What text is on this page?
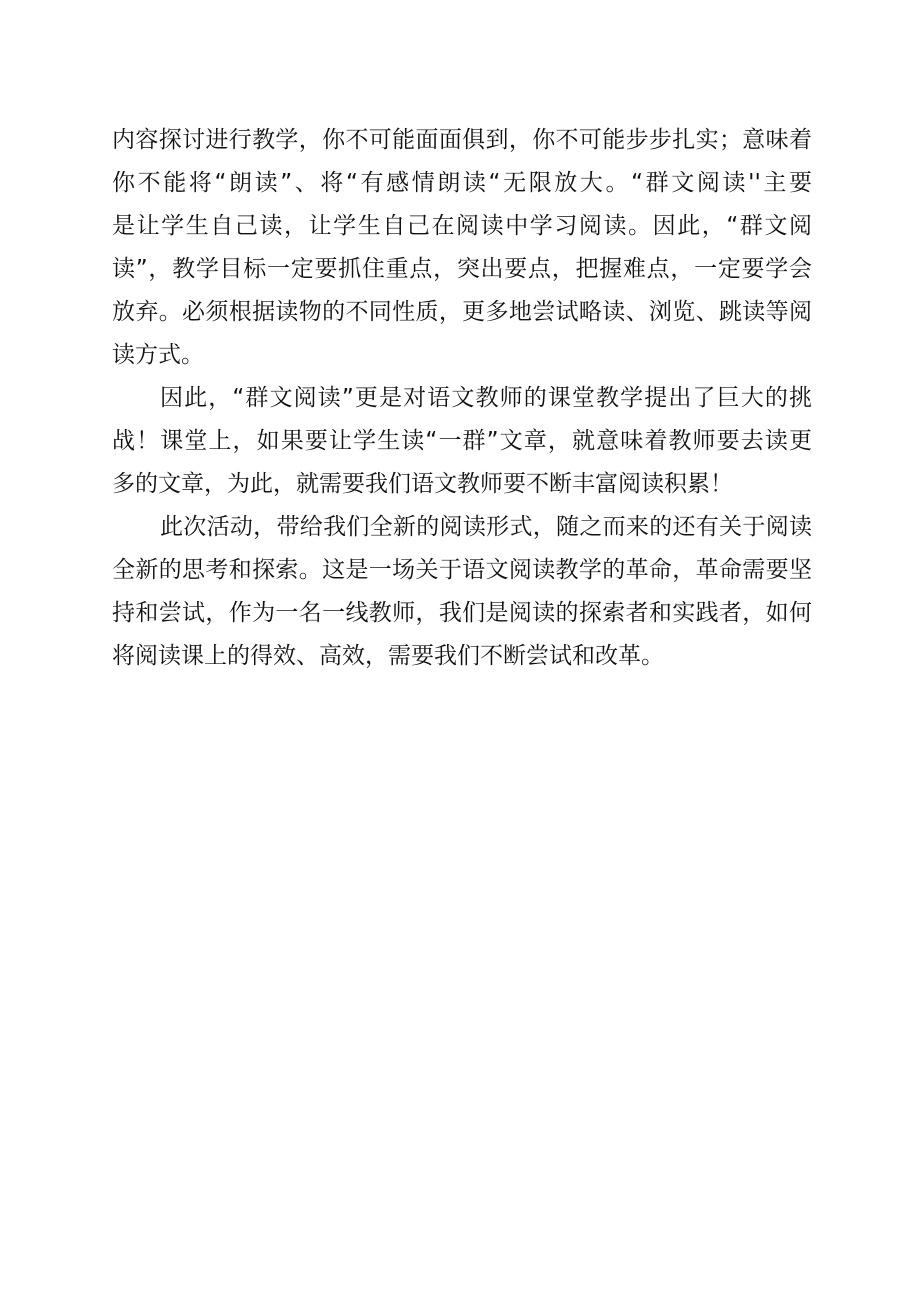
内容探讨进行教学，你不可能面面俱到，你不可能步步扎实；意味着
你不能将“朗读”、将“有感情朗读“无限放大。“群文阅读''主要
是让学生自己读，让学生自己在阅读中学习阅读。因此，“群文阅
读”，教学目标一定要抓住重点，突出要点，把握难点，一定要学会
放弃。必须根据读物的不同性质，更多地尝试略读、浏览、跳读等阅
读方式。
因此，“群文阅读”更是对语文教师的课堂教学提出了巨大的挑
战！课堂上，如果要让学生读“一群”文章，就意味着教师要去读更
多的文章，为此，就需要我们语文教师要不断丰富阅读积累！
此次活动，带给我们全新的阅读形式，随之而来的还有关于阅读
全新的思考和探索。这是一场关于语文阅读教学的革命，革命需要坚
持和尝试，作为一名一线教师，我们是阅读的探索者和实践者，如何
将阅读课上的得效、高效，需要我们不断尝试和改革。
